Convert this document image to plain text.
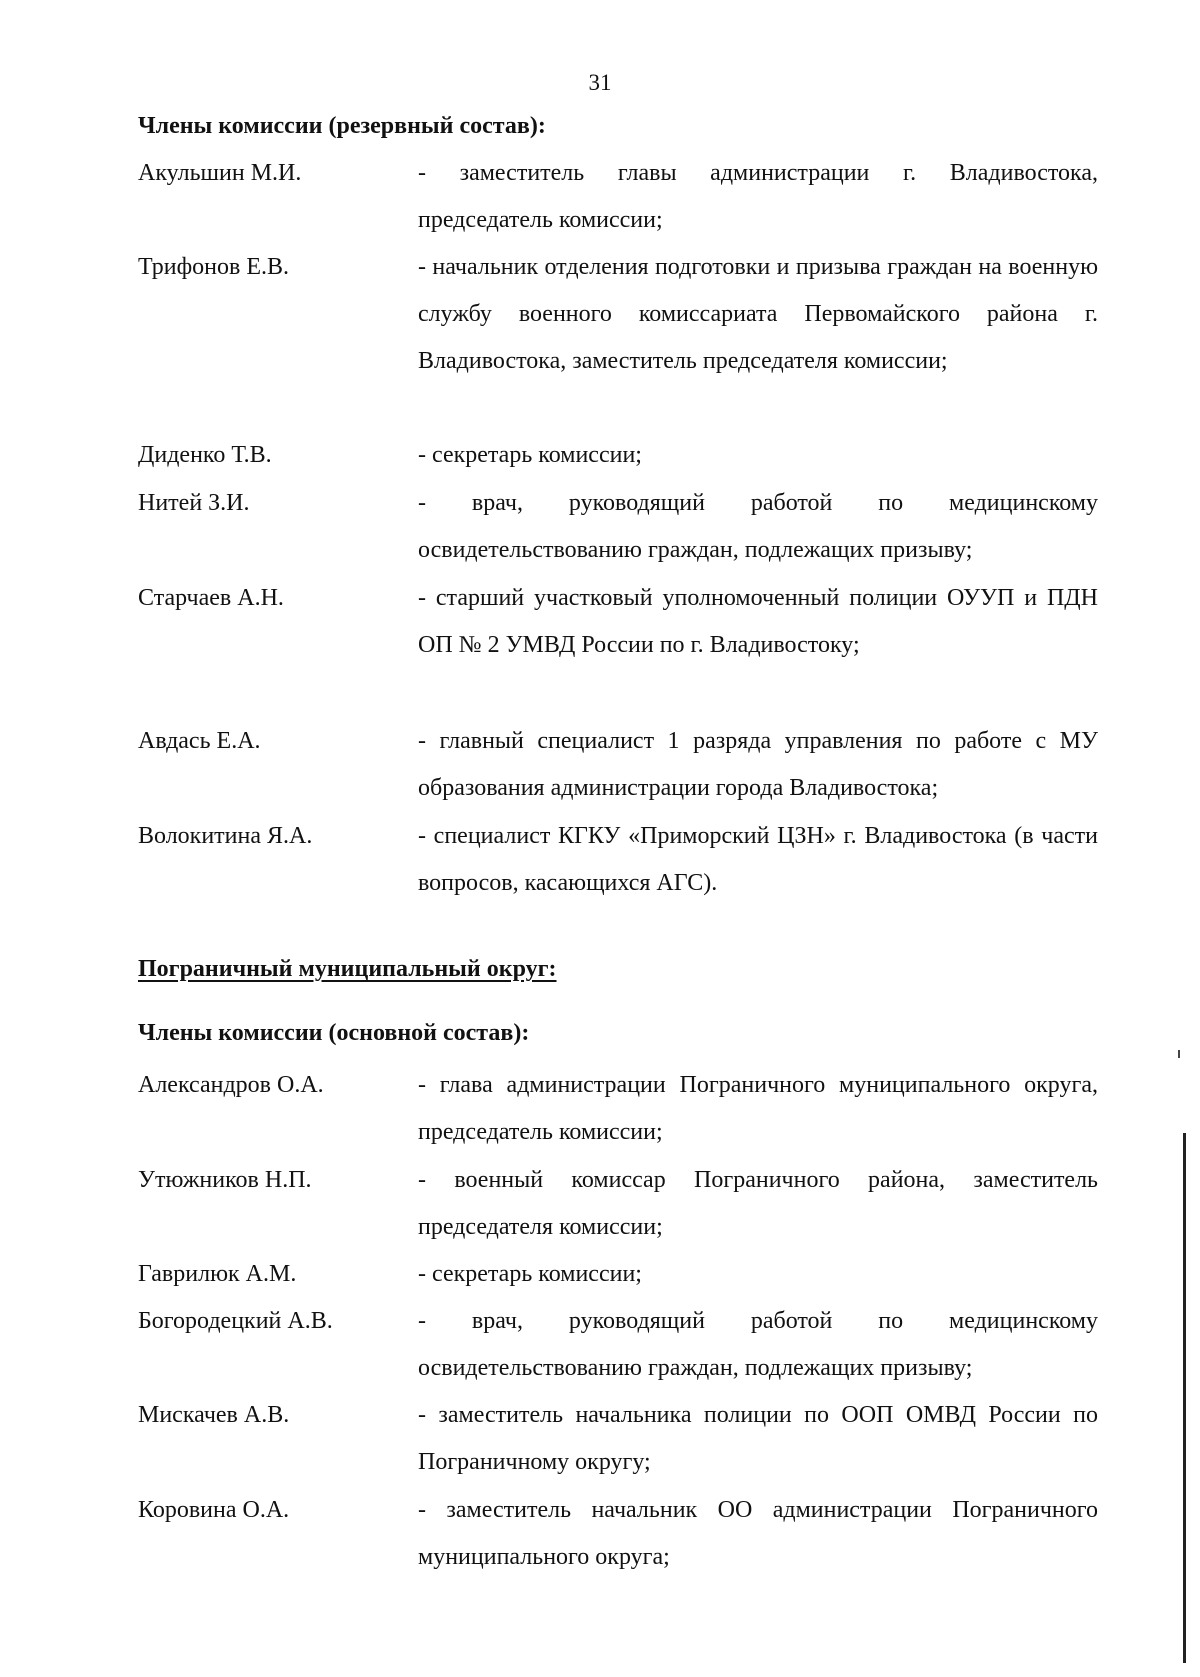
31
Члены комиссии (резервный состав):
Акульшин М.И.	- заместитель главы администрации г. Владивостока, председатель комиссии;
Трифонов Е.В.	- начальник отделения подготовки и призыва граждан на военную службу военного комиссариата Первомайского района г. Владивостока, заместитель председателя комиссии;
Диденко Т.В.	- секретарь комиссии;
Нитей З.И.	- врач, руководящий работой по медицинскому освидетельствованию граждан, подлежащих призыву;
Старчаев А.Н.	- старший участковый уполномоченный полиции ОУУП и ПДН ОП № 2 УМВД России по г. Владивостоку;
Авдась Е.А.	- главный специалист 1 разряда управления по работе с МУ образования администрации города Владивостока;
Волокитина Я.А.	- специалист КГКУ «Приморский ЦЗН» г. Владивостока (в части вопросов, касающихся АГС).
Пограничный муниципальный округ:
Члены комиссии (основной состав):
Александров О.А.	- глава администрации Пограничного муниципального округа, председатель комиссии;
Утюжников Н.П.	- военный комиссар Пограничного района, заместитель председателя комиссии;
Гаврилюк А.М.	- секретарь комиссии;
Богородецкий А.В.	- врач, руководящий работой по медицинскому освидетельствованию граждан, подлежащих призыву;
Мискачев А.В.	- заместитель начальника полиции по ООП ОМВД России по Пограничному округу;
Коровина О.А.	- заместитель начальник ОО администрации Пограничного муниципального округа;
